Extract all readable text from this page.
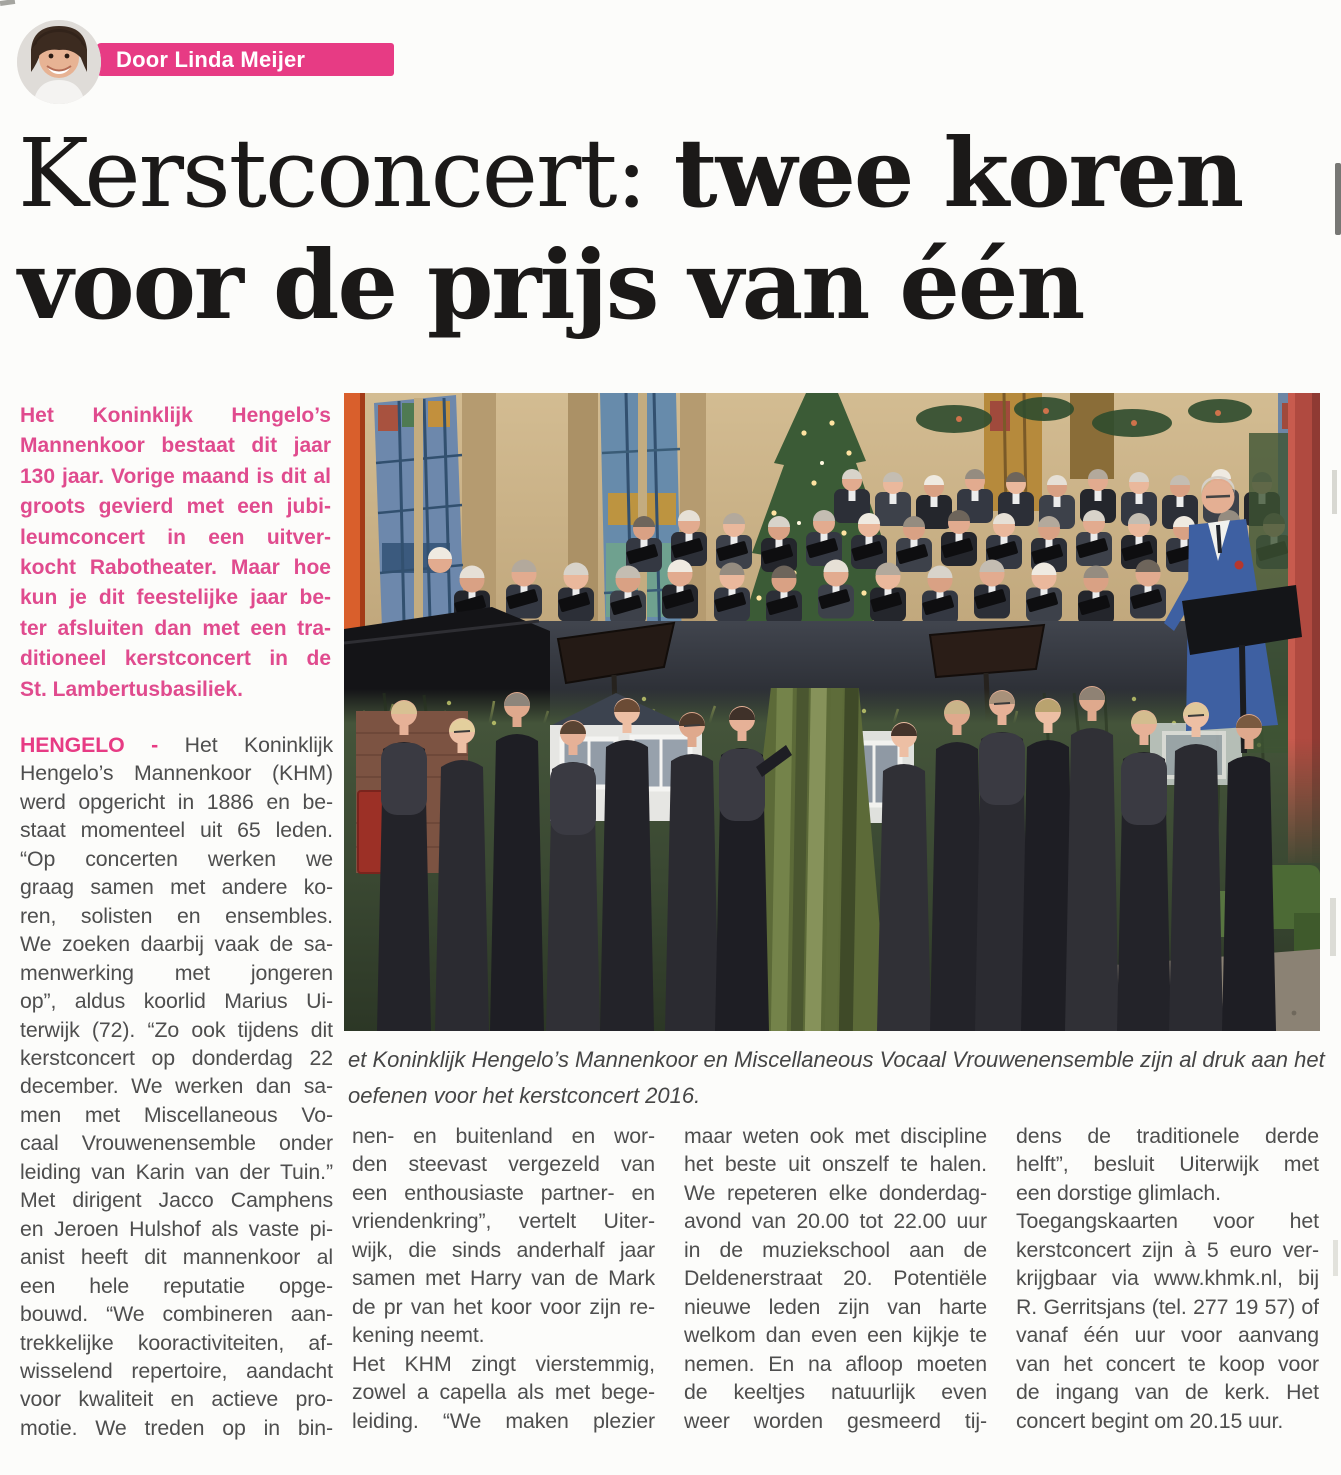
Door Linda Meijer
Kerstconcert: twee koren
voor de prijs van één
Het Koninklijk Hengelo’s
Mannenkoor bestaat dit jaar
130 jaar. Vorige maand is dit al
groots gevierd met een jubi-
leumconcert in een uitver-
kocht Rabotheater. Maar hoe
kun je dit feestelijke jaar be-
ter afsluiten dan met een tra-
ditioneel kerstconcert in de
St. Lambertusbasiliek.
HENGELO - Het Koninklijk
Hengelo’s Mannenkoor (KHM)
werd opgericht in 1886 en be-
staat momenteel uit 65 leden.
“Op concerten werken we
graag samen met andere ko-
ren, solisten en ensembles.
We zoeken daarbij vaak de sa-
menwerking met jongeren
op”, aldus koorlid Marius Ui-
terwijk (72). “Zo ook tijdens dit
kerstconcert op donderdag 22
december. We werken dan sa-
men met Miscellaneous Vo-
caal Vrouwenensemble onder
leiding van Karin van der Tuin.”
Met dirigent Jacco Camphens
en Jeroen Hulshof als vaste pi-
anist heeft dit mannenkoor al
een hele reputatie opge-
bouwd. “We combineren aan-
trekkelijke kooractiviteiten, af-
wisselend repertoire, aandacht
voor kwaliteit en actieve pro-
motie. We treden op in bin-
nen- en buitenland en wor-
den steevast vergezeld van
een enthousiaste partner- en
vriendenkring”, vertelt Uiter-
wijk, die sinds anderhalf jaar
samen met Harry van de Mark
de pr van het koor voor zijn re-
kening neemt.
Het KHM zingt vierstemmig,
zowel a capella als met bege-
leiding. “We maken plezier
maar weten ook met discipline
het beste uit onszelf te halen.
We repeteren elke donderdag-
avond van 20.00 tot 22.00 uur
in de muziekschool aan de
Deldenerstraat 20. Potentiële
nieuwe leden zijn van harte
welkom dan even een kijkje te
nemen. En na afloop moeten
de keeltjes natuurlijk even
weer worden gesmeerd tij-
dens de traditionele derde
helft”, besluit Uiterwijk met
een dorstige glimlach.
Toegangskaarten voor het
kerstconcert zijn à 5 euro ver-
krijgbaar via www.khmk.nl, bij
R. Gerritsjans (tel. 277 19 57) of
vanaf één uur voor aanvang
van het concert te koop voor
de ingang van de kerk. Het
concert begint om 20.15 uur.
et Koninklijk Hengelo’s Mannenkoor en Miscellaneous Vocaal Vrouwenensemble zijn al druk aan het
oefenen voor het kerstconcert 2016.
